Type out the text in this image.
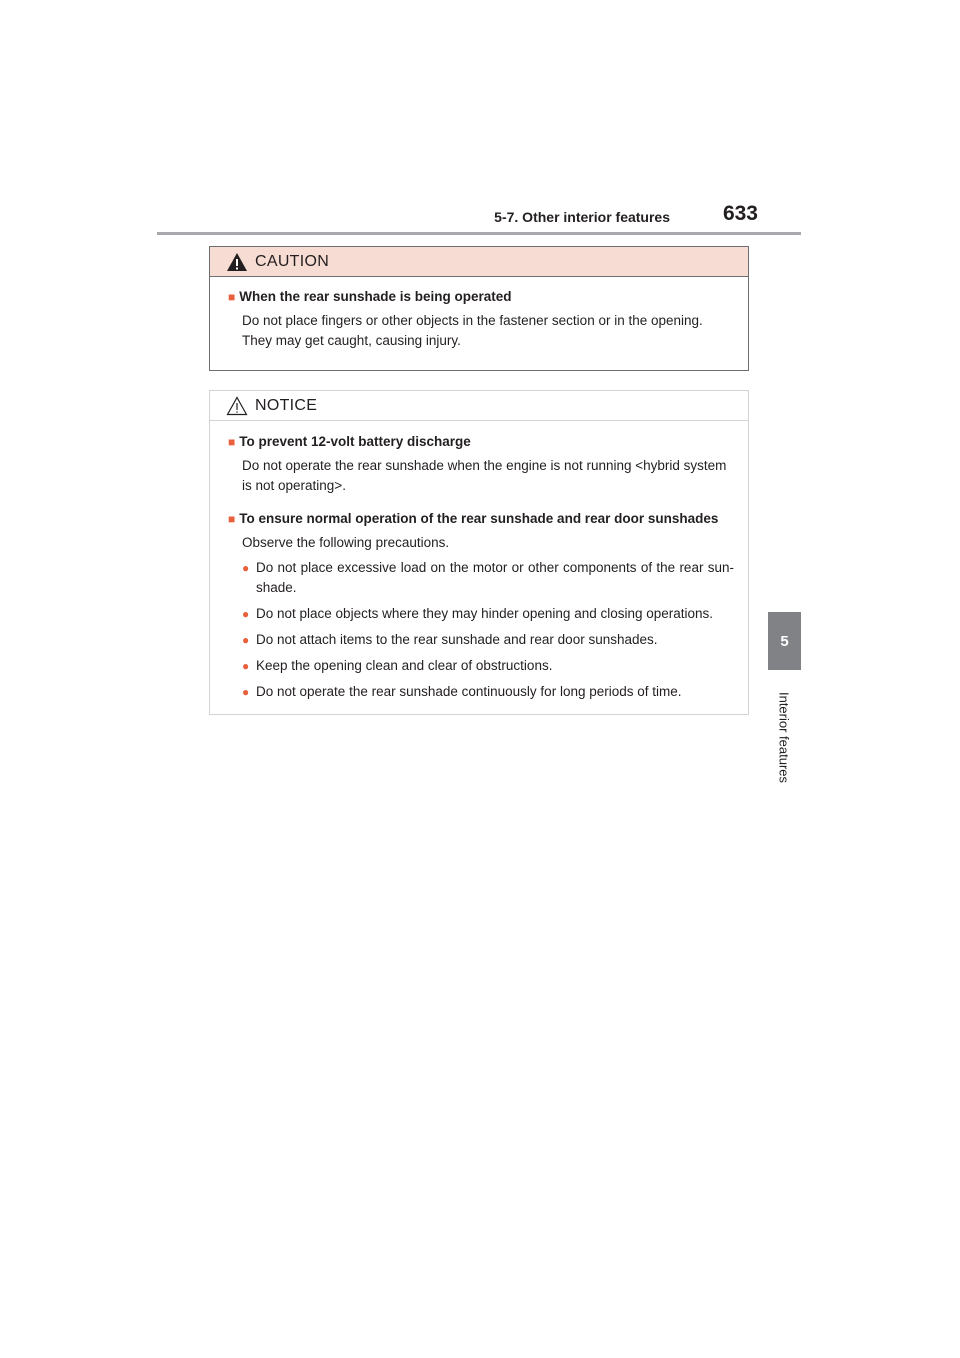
5-7. Other interior features	633
5
Interior features
CAUTION
■ When the rear sunshade is being operated
Do not place fingers or other objects in the fastener section or in the opening. They may get caught, causing injury.
NOTICE
■ To prevent 12-volt battery discharge
Do not operate the rear sunshade when the engine is not running <hybrid system is not operating>.
■ To ensure normal operation of the rear sunshade and rear door sunshades
Observe the following precautions.
● Do not place excessive load on the motor or other components of the rear sun-shade.
● Do not place objects where they may hinder opening and closing operations.
● Do not attach items to the rear sunshade and rear door sunshades.
● Keep the opening clean and clear of obstructions.
● Do not operate the rear sunshade continuously for long periods of time.
